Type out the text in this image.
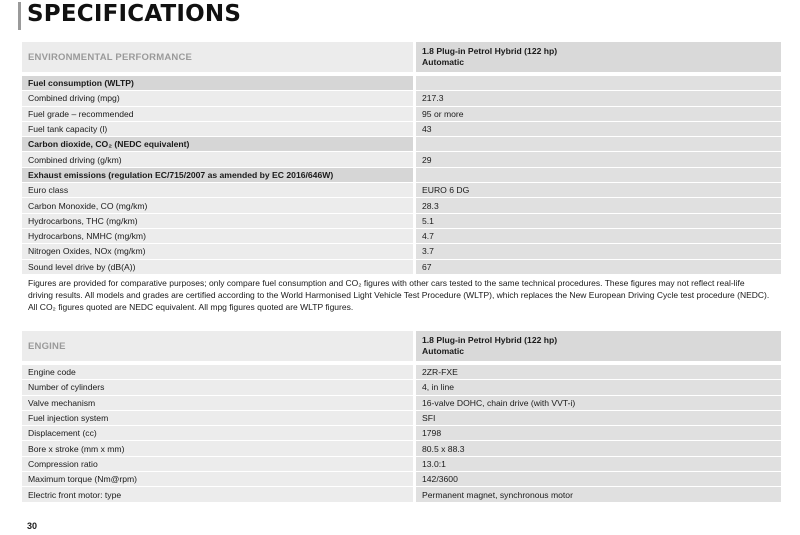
SPECIFICATIONS
ENVIRONMENTAL PERFORMANCE		1.8 Plug-in Petrol Hybrid (122 hp)
Automatic

Fuel consumption (WLTP)		
Combined driving (mpg)		217.3
Fuel grade – recommended		95 or more
Fuel tank capacity (l)		43
Carbon dioxide, CO₂ (NEDC equivalent)		
Combined driving (g/km)		29
Exhaust emissions (regulation EC/715/2007 as amended by EC 2016/646W)		
Euro class		EURO 6 DG
Carbon Monoxide, CO (mg/km)		28.3
Hydrocarbons, THC (mg/km)		5.1
Hydrocarbons, NMHC (mg/km)		4.7
Nitrogen Oxides, NOx (mg/km)		3.7
Sound level drive by (dB(A))		67
Figures are provided for comparative purposes; only compare fuel consumption and CO₂ figures with other cars tested to the same technical procedures. These figures may not reflect real-life
driving results. All models and grades are certified according to the World Harmonised Light Vehicle Test Procedure (WLTP), which replaces the New European Driving Cycle test procedure (NEDC).
All CO₂ figures quoted are NEDC equivalent. All mpg figures quoted are WLTP figures.
ENGINE		1.8 Plug-in Petrol Hybrid (122 hp)
Automatic

Engine code		2ZR-FXE
Number of cylinders		4, in line
Valve mechanism		16-valve DOHC, chain drive (with VVT-i)
Fuel injection system		SFI
Displacement (cc)		1798
Bore x stroke (mm x mm)		80.5 x 88.3
Compression ratio		13.0:1
Maximum torque (Nm@rpm)		142/3600
Electric front motor: type		Permanent magnet, synchronous motor
30
